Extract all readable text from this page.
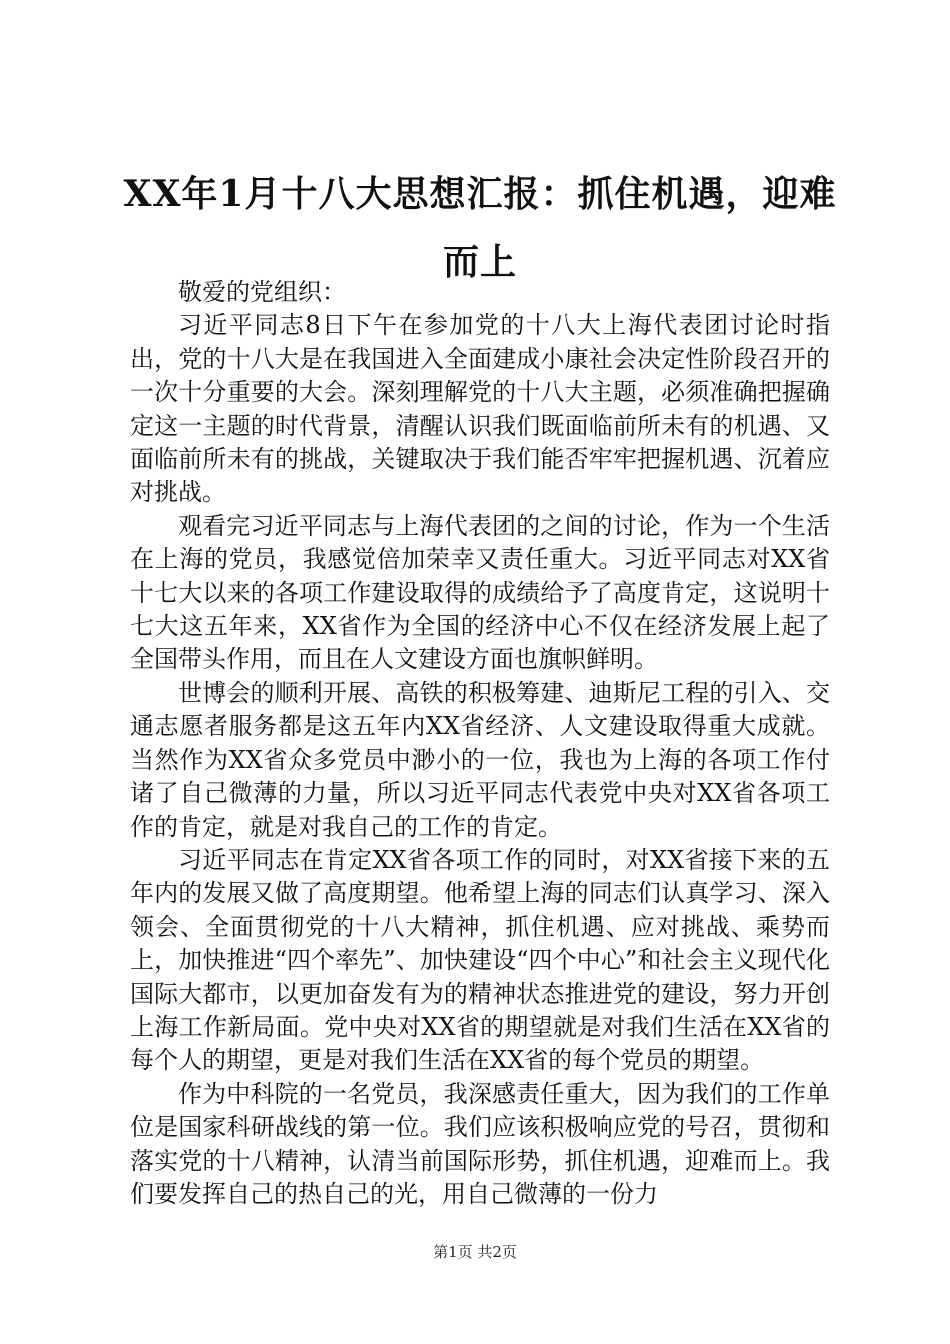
XX年1月十八大思想汇报：抓住机遇，迎难而上

敬爱的党组织：

习近平同志8日下午在参加党的十八大上海代表团讨论时指出，党的十八大是在我国进入全面建成小康社会决定性阶段召开的一次十分重要的大会。深刻理解党的十八大主题，必须准确把握确定这一主题的时代背景，清醒认识我们既面临前所未有的机遇、又面临前所未有的挑战，关键取决于我们能否牢牢把握机遇、沉着应对挑战。

观看完习近平同志与上海代表团的之间的讨论，作为一个生活在上海的党员，我感觉倍加荣幸又责任重大。习近平同志对XX省十七大以来的各项工作建设取得的成绩给予了高度肯定，这说明十七大这五年来，XX省作为全国的经济中心不仅在经济发展上起了全国带头作用，而且在人文建设方面也旗帜鲜明。

世博会的顺利开展、高铁的积极筹建、迪斯尼工程的引入、交通志愿者服务都是这五年内XX省经济、人文建设取得重大成就。当然作为XX省众多党员中渺小的一位，我也为上海的各项工作付诸了自己微薄的力量，所以习近平同志代表党中央对XX省各项工作的肯定，就是对我自己的工作的肯定。

习近平同志在肯定XX省各项工作的同时，对XX省接下来的五年内的发展又做了高度期望。他希望上海的同志们认真学习、深入领会、全面贯彻党的十八大精神，抓住机遇、应对挑战、乘势而上，加快推进“四个率先”、加快建设“四个中心”和社会主义现代化国际大都市，以更加奋发有为的精神状态推进党的建设，努力开创上海工作新局面。党中央对XX省的期望就是对我们生活在XX省的每个人的期望，更是对我们生活在XX省的每个党员的期望。

作为中科院的一名党员，我深感责任重大，因为我们的工作单位是国家科研战线的第一位。我们应该积极响应党的号召，贯彻和落实党的十八精神，认清当前国际形势，抓住机遇，迎难而上。我们要发挥自己的热自己的光，用自己微薄的一份力

第1页 共2页
